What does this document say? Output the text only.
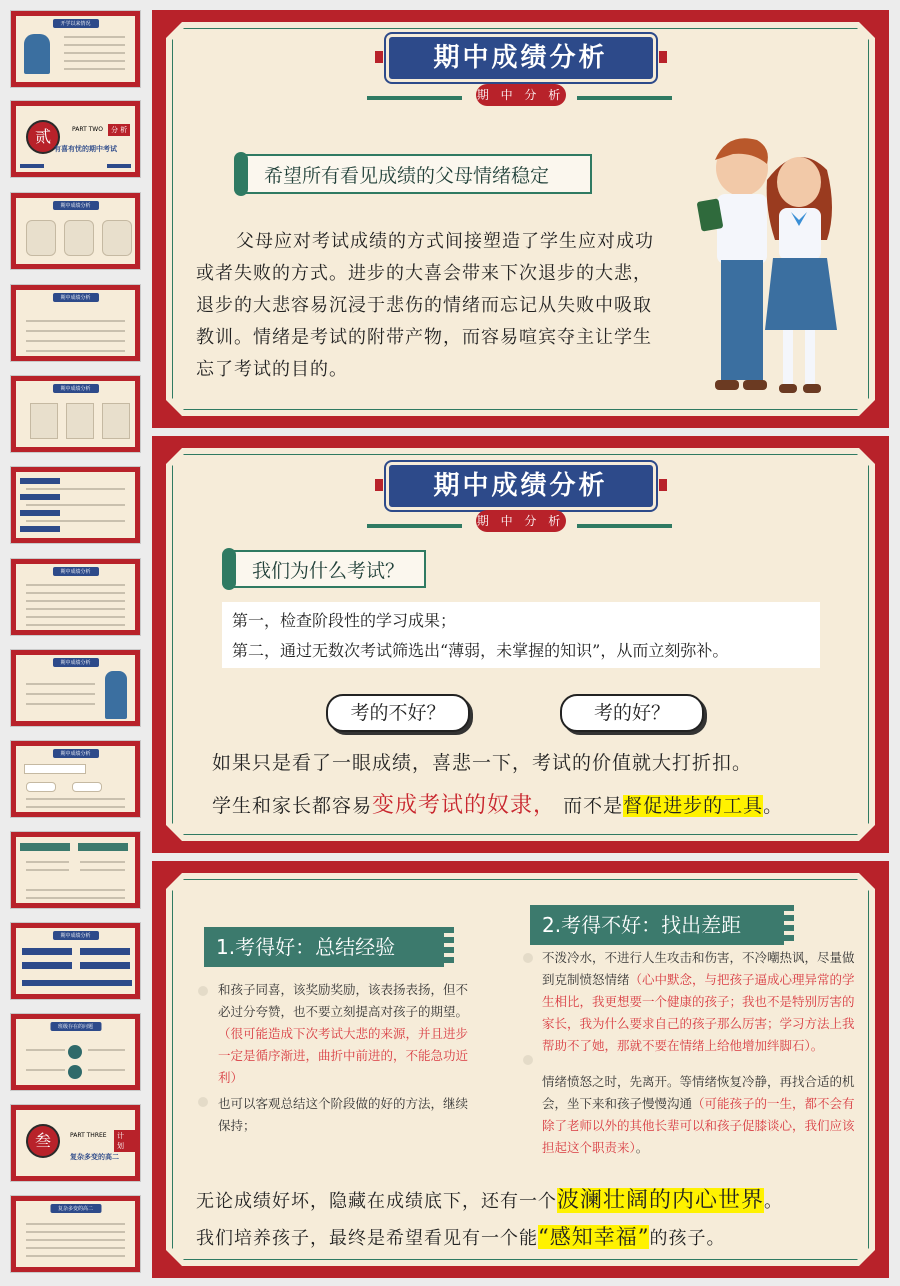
开学以来情况
贰	PART TWO	分 析
有喜有忧的期中考试
期中成绩分析
期中成绩分析
期中成绩分析
期中成绩分析
期中成绩分析
期中成绩分析
期中成绩分析
班级存在的问题
叁	PART THREE	计 划
复杂多变的高二
复杂多变的高二
期中成绩分析
期 中 分 析
希望所有看见成绩的父母情绪稳定
父母应对考试成绩的方式间接塑造了学生应对成功或者失败的方式。进步的大喜会带来下次退步的大悲，退步的大悲容易沉浸于悲伤的情绪而忘记从失败中吸取教训。情绪是考试的附带产物，而容易喧宾夺主让学生忘了考试的目的。
期中成绩分析
期 中 分 析
我们为什么考试？
第一，检查阶段性的学习成果；
第二，通过无数次考试筛选出“薄弱，未掌握的知识”，从而立刻弥补。
考的不好？	考的好？
如果只是看了一眼成绩，喜悲一下，考试的价值就大打折扣。
学生和家长都容易变成考试的奴隶， 而不是督促进步的工具。
1.考得好：总结经验
和孩子同喜，该奖励奖励，该表扬表扬，但不必过分夸赞，也不要立刻提高对孩子的期望。（很可能造成下次考试大悲的来源，并且进步一定是循序渐进，曲折中前进的，不能急功近利）
也可以客观总结这个阶段做的好的方法，继续保持；
2.考得不好：找出差距
不泼冷水，不进行人生攻击和伤害，不冷嘲热讽，尽量做到克制愤怒情绪（心中默念，与把孩子逼成心理异常的学生相比，我更想要一个健康的孩子；我也不是特别厉害的家长，我为什么要求自己的孩子那么厉害；学习方法上我帮助不了她，那就不要在情绪上给他增加绊脚石）。
情绪愤怒之时，先离开。等情绪恢复冷静，再找合适的机会，坐下来和孩子慢慢沟通（可能孩子的一生，都不会有除了老师以外的其他长辈可以和孩子促膝谈心，我们应该担起这个职责来）。
无论成绩好坏，隐藏在成绩底下，还有一个波澜壮阔的内心世界。
我们培养孩子，最终是希望看见有一个能“感知幸福”的孩子。
